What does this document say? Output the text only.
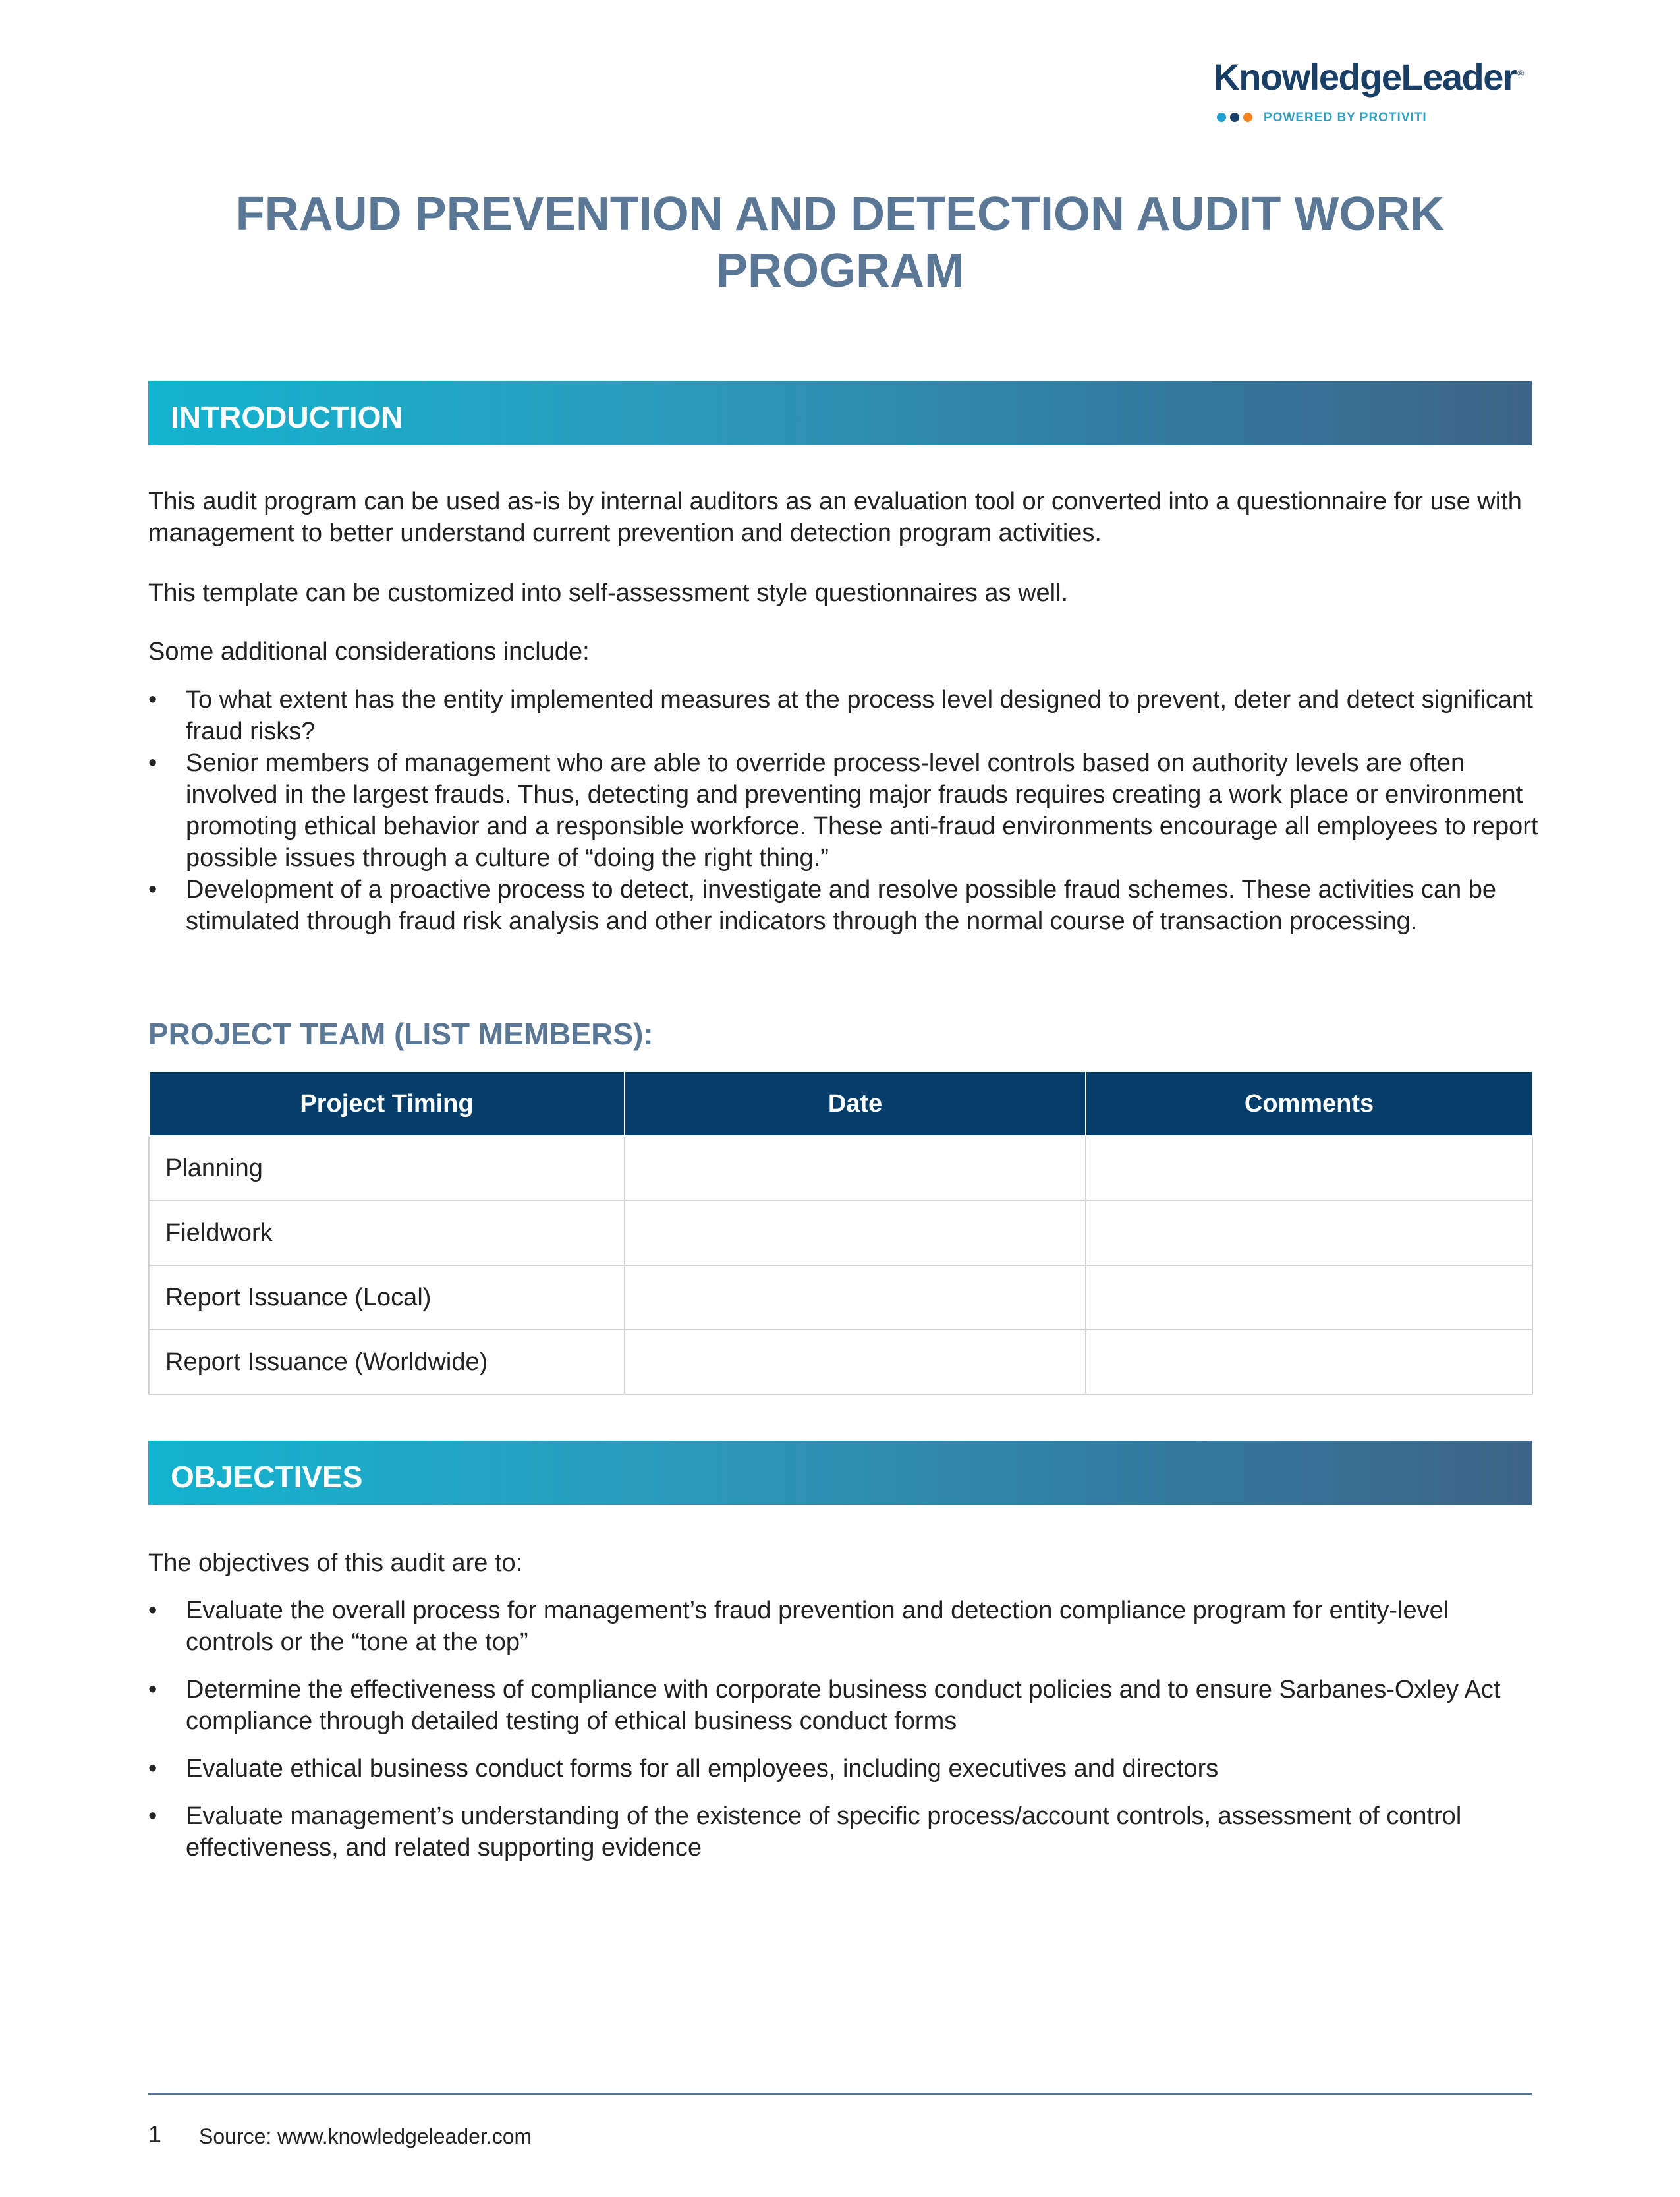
KnowledgeLeader ®
POWERED BY PROTIVITI
FRAUD PREVENTION AND DETECTION AUDIT WORK PROGRAM
INTRODUCTION
This audit program can be used as-is by internal auditors as an evaluation tool or converted into a questionnaire for use with management to better understand current prevention and detection program activities.
This template can be customized into self-assessment style questionnaires as well.
Some additional considerations include:
• To what extent has the entity implemented measures at the process level designed to prevent, deter and detect significant fraud risks?
• Senior members of management who are able to override process-level controls based on authority levels are often involved in the largest frauds. Thus, detecting and preventing major frauds requires creating a work place or environment promoting ethical behavior and a responsible workforce. These anti-fraud environments encourage all employees to report possible issues through a culture of “doing the right thing.”
• Development of a proactive process to detect, investigate and resolve possible fraud schemes. These activities can be stimulated through fraud risk analysis and other indicators through the normal course of transaction processing.
PROJECT TEAM (LIST MEMBERS):
Project Timing	Date	Comments
Planning		
Fieldwork		
Report Issuance (Local)		
Report Issuance (Worldwide)		
OBJECTIVES
The objectives of this audit are to:
• Evaluate the overall process for management’s fraud prevention and detection compliance program for entity-level controls or the “tone at the top”
• Determine the effectiveness of compliance with corporate business conduct policies and to ensure Sarbanes-Oxley Act compliance through detailed testing of ethical business conduct forms
• Evaluate ethical business conduct forms for all employees, including executives and directors
• Evaluate management’s understanding of the existence of specific process/account controls, assessment of control effectiveness, and related supporting evidence
1 Source: www.knowledgeleader.com
